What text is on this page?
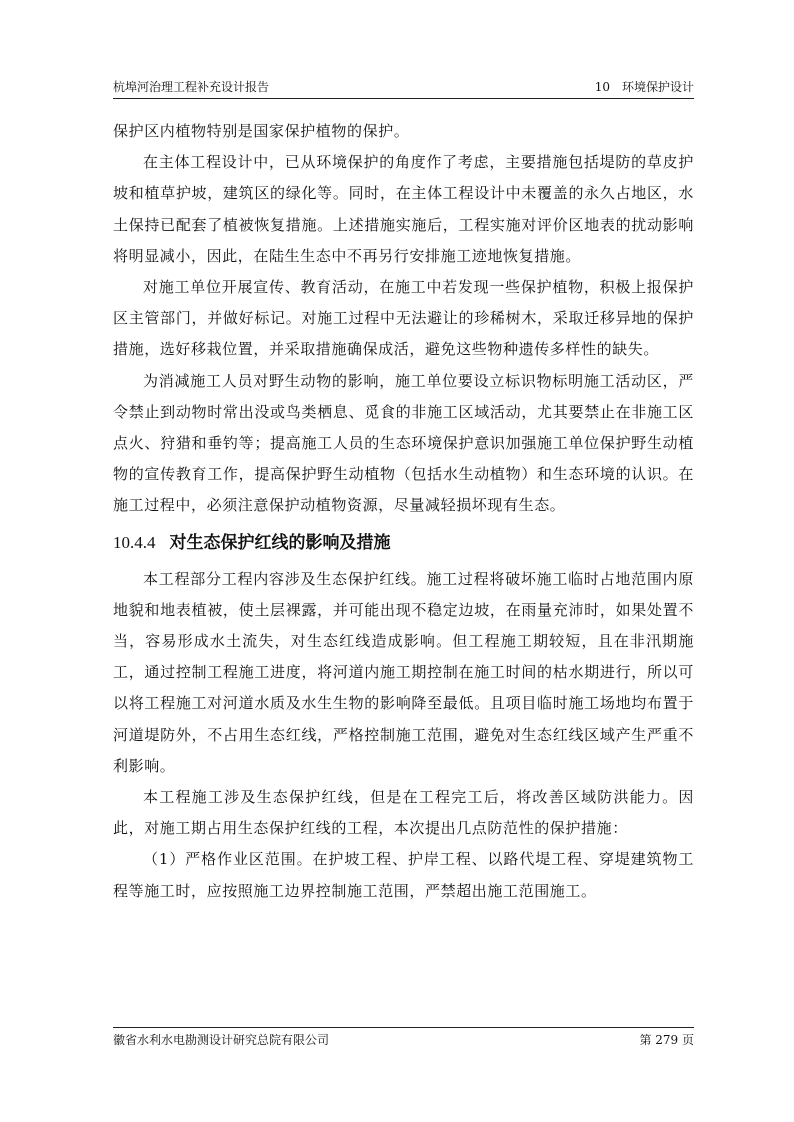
杭埠河治理工程补充设计报告	10　环境保护设计

保护区内植物特别是国家保护植物的保护。

在主体工程设计中，已从环境保护的角度作了考虑，主要措施包括堤防的草皮护坡和植草护坡，建筑区的绿化等。同时，在主体工程设计中未覆盖的永久占地区，水土保持已配套了植被恢复措施。上述措施实施后，工程实施对评价区地表的扰动影响将明显减小，因此，在陆生生态中不再另行安排施工迹地恢复措施。

对施工单位开展宣传、教育活动，在施工中若发现一些保护植物，积极上报保护区主管部门，并做好标记。对施工过程中无法避让的珍稀树木，采取迁移异地的保护措施，选好移栽位置，并采取措施确保成活，避免这些物种遗传多样性的缺失。

为消减施工人员对野生动物的影响，施工单位要设立标识物标明施工活动区，严令禁止到动物时常出没或鸟类栖息、觅食的非施工区域活动，尤其要禁止在非施工区点火、狩猎和垂钓等；提高施工人员的生态环境保护意识加强施工单位保护野生动植物的宣传教育工作，提高保护野生动植物（包括水生动植物）和生态环境的认识。在施工过程中，必须注意保护动植物资源，尽量减轻损坏现有生态。

10.4.4 对生态保护红线的影响及措施

本工程部分工程内容涉及生态保护红线。施工过程将破坏施工临时占地范围内原地貌和地表植被，使土层裸露，并可能出现不稳定边坡，在雨量充沛时，如果处置不当，容易形成水土流失，对生态红线造成影响。但工程施工期较短，且在非汛期施工，通过控制工程施工进度，将河道内施工期控制在施工时间的枯水期进行，所以可以将工程施工对河道水质及水生生物的影响降至最低。且项目临时施工场地均布置于河道堤防外，不占用生态红线，严格控制施工范围，避免对生态红线区域产生严重不利影响。

本工程施工涉及生态保护红线，但是在工程完工后，将改善区域防洪能力。因此，对施工期占用生态保护红线的工程，本次提出几点防范性的保护措施：

（1）严格作业区范围。在护坡工程、护岸工程、以路代堤工程、穿堤建筑物工程等施工时，应按照施工边界控制施工范围，严禁超出施工范围施工。

徽省水利水电勘测设计研究总院有限公司	第 279 页
